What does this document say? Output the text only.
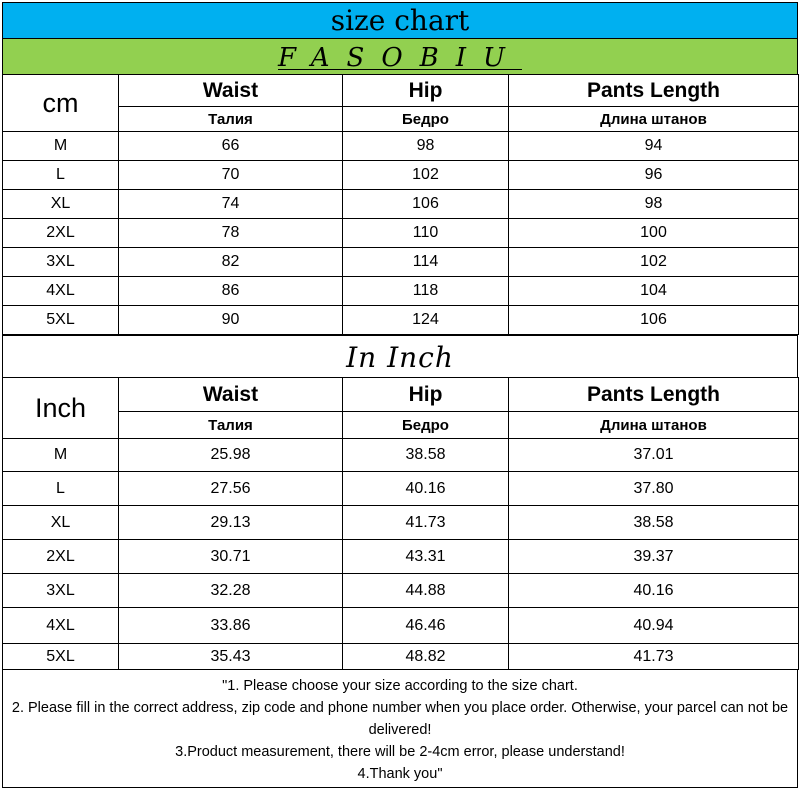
size chart
FASOBIU
cm	Waist	Hip	Pants Length
	Талия	Бедро	Длина штанов
M	66	98	94
L	70	102	96
XL	74	106	98
2XL	78	110	100
3XL	82	114	102
4XL	86	118	104
5XL	90	124	106
In Inch
Inch	Waist	Hip	Pants Length
	Талия	Бедро	Длина штанов
M	25.98	38.58	37.01
L	27.56	40.16	37.80
XL	29.13	41.73	38.58
2XL	30.71	43.31	39.37
3XL	32.28	44.88	40.16
4XL	33.86	46.46	40.94
5XL	35.43	48.82	41.73
"1. Please choose your size according to the size chart.
2. Please fill in the correct address, zip code and phone number when you place order. Otherwise, your parcel can not be delivered!
3.Product measurement, there will be 2-4cm error, please understand!
4.Thank you"
